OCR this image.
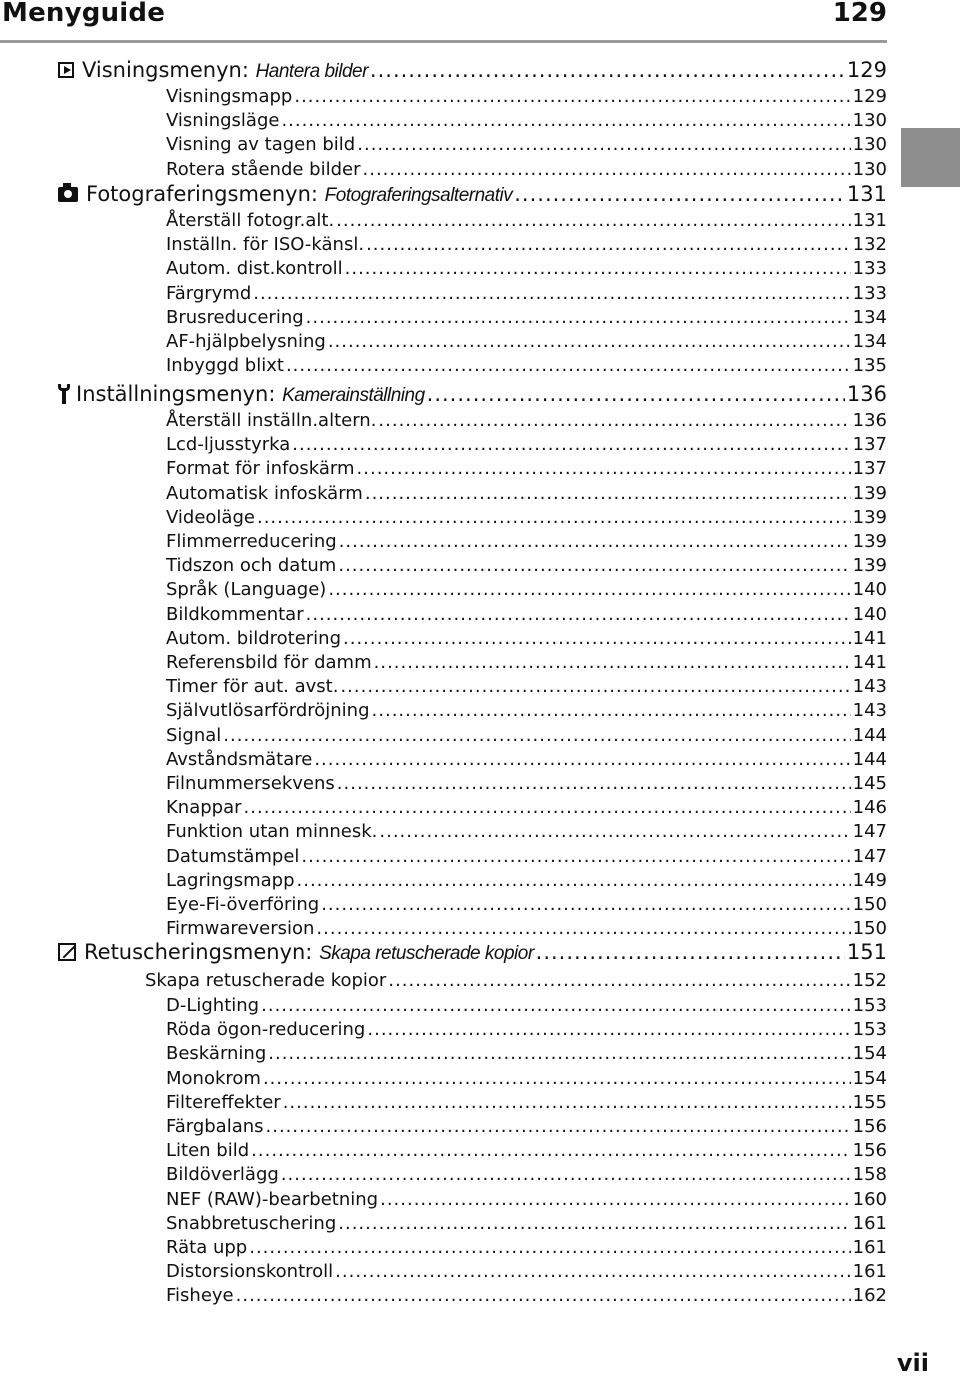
Menyguide	129
Visningsmenyn: Hantera bilder .....	129
Visningsmapp .....	129
Visningsläge .....	130
Visning av tagen bild .....	130
Rotera stående bilder .....	130
Fotograferingsmenyn: Fotograferingsalternativ .....	131
Återställ fotogr.alt. .....	131
Inställn. för ISO-känsl. .....	132
Autom. dist.kontroll .....	133
Färgrymd .....	133
Brusreducering .....	134
AF-hjälpbelysning .....	134
Inbyggd blixt .....	135
Inställningsmenyn: Kamerainställning .....	136
Återställ inställn.altern. .....	136
Lcd-ljusstyrka .....	137
Format för infoskärm .....	137
Automatisk infoskärm .....	139
Videoläge .....	139
Flimmerreducering .....	139
Tidszon och datum .....	139
Språk (Language) .....	140
Bildkommentar .....	140
Autom. bildrotering .....	141
Referensbild för damm .....	141
Timer för aut. avst. .....	143
Självutlösarfördröjning .....	143
Signal .....	144
Avståndsmätare .....	144
Filnummersekvens .....	145
Knappar .....	146
Funktion utan minnesk. .....	147
Datumstämpel .....	147
Lagringsmapp .....	149
Eye-Fi-överföring .....	150
Firmwareversion .....	150
Retuscheringsmenyn: Skapa retuscherade kopior .....	151
Skapa retuscherade kopior .....	152
D-Lighting .....	153
Röda ögon-reducering .....	153
Beskärning .....	154
Monokrom .....	154
Filtereffekter .....	155
Färgbalans .....	156
Liten bild .....	156
Bildöverlägg .....	158
NEF (RAW)-bearbetning .....	160
Snabbretuschering .....	161
Räta upp .....	161
Distorsionskontroll .....	161
Fisheye .....	162
vii
